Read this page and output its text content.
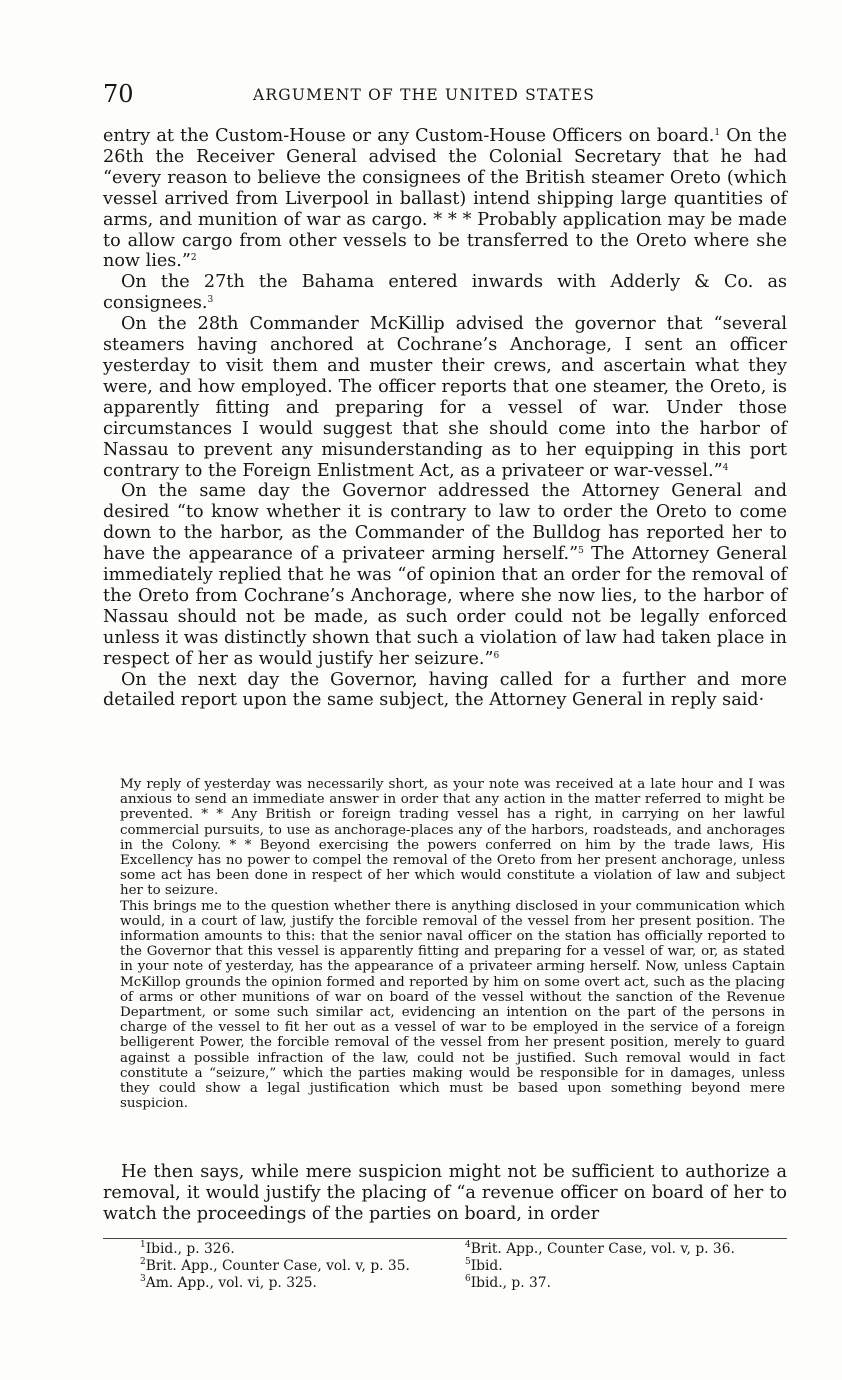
70	ARGUMENT OF THE UNITED STATES

entry at the Custom-House or any Custom-House Officers on board.$^1$ On the 26th the Receiver General advised the Colonial Secretary that he had “every reason to believe the consignees of the British steamer Oreto (which vessel arrived from Liverpool in ballast) intend shipping large quantities of arms, and munition of war as cargo. * * * Probably application may be made to allow cargo from other vessels to be transferred to the Oreto where she now lies.”$^2$

On the 27th the Bahama entered inwards with Adderly & Co. as consignees.$^3$

On the 28th Commander McKillip advised the governor that “several steamers having anchored at Cochrane’s Anchorage, I sent an officer yesterday to visit them and muster their crews, and ascertain what they were, and how employed. The officer reports that one steamer, the Oreto, is apparently fitting and preparing for a vessel of war. Under those circumstances I would suggest that she should come into the harbor of Nassau to prevent any misunderstanding as to her equipping in this port contrary to the Foreign Enlistment Act, as a privateer or war-vessel.”$^4$

On the same day the Governor addressed the Attorney General and desired “to know whether it is contrary to law to order the Oreto to come down to the harbor, as the Commander of the Bulldog has reported her to have the appearance of a privateer arming herself.”$^5$ The Attorney General immediately replied that he was “of opinion that an order for the removal of the Oreto from Cochrane’s Anchorage, where she now lies, to the harbor of Nassau should not be made, as such order could not be legally enforced unless it was distinctly shown that such a violation of law had taken place in respect of her as would justify her seizure.”$^6$

On the next day the Governor, having called for a further and more detailed report upon the same subject, the Attorney General in reply said·

My reply of yesterday was necessarily short, as your note was received at a late hour and I was anxious to send an immediate answer in order that any action in the matter referred to might be prevented. * * Any British or foreign trading vessel has a right, in carrying on her lawful commercial pursuits, to use as anchorage-places any of the harbors, roadsteads, and anchorages in the Colony. * * Beyond exercising the powers conferred on him by the trade laws, His Excellency has no power to compel the removal of the Oreto from her present anchorage, unless some act has been done in respect of her which would constitute a violation of law and subject her to seizure.

This brings me to the question whether there is anything disclosed in your communication which would, in a court of law, justify the forcible removal of the vessel from her present position. The information amounts to this: that the senior naval officer on the station has officially reported to the Governor that this vessel is apparently fitting and preparing for a vessel of war, or, as stated in your note of yesterday, has the appearance of a privateer arming herself. Now, unless Captain McKillop grounds the opinion formed and reported by him on some overt act, such as the placing of arms or other munitions of war on board of the vessel without the sanction of the Revenue Department, or some such similar act, evidencing an intention on the part of the persons in charge of the vessel to fit her out as a vessel of war to be employed in the service of a foreign belligerent Power, the forcible removal of the vessel from her present position, merely to guard against a possible infraction of the law, could not be justified. Such removal would in fact constitute a “seizure,” which the parties making would be responsible for in damages, unless they could show a legal justification which must be based upon something beyond mere suspicion.

He then says, while mere suspicion might not be sufficient to authorize a removal, it would justify the placing of “a revenue officer on board of her to watch the proceedings of the parties on board, in order

$^1$Ibid., p. 326.
$^2$Brit. App., Counter Case, vol. v, p. 35.
$^3$Am. App., vol. vi, p. 325.
$^4$Brit. App., Counter Case, vol. v, p. 36.
$^5$Ibid.
$^6$Ibid., p. 37.
